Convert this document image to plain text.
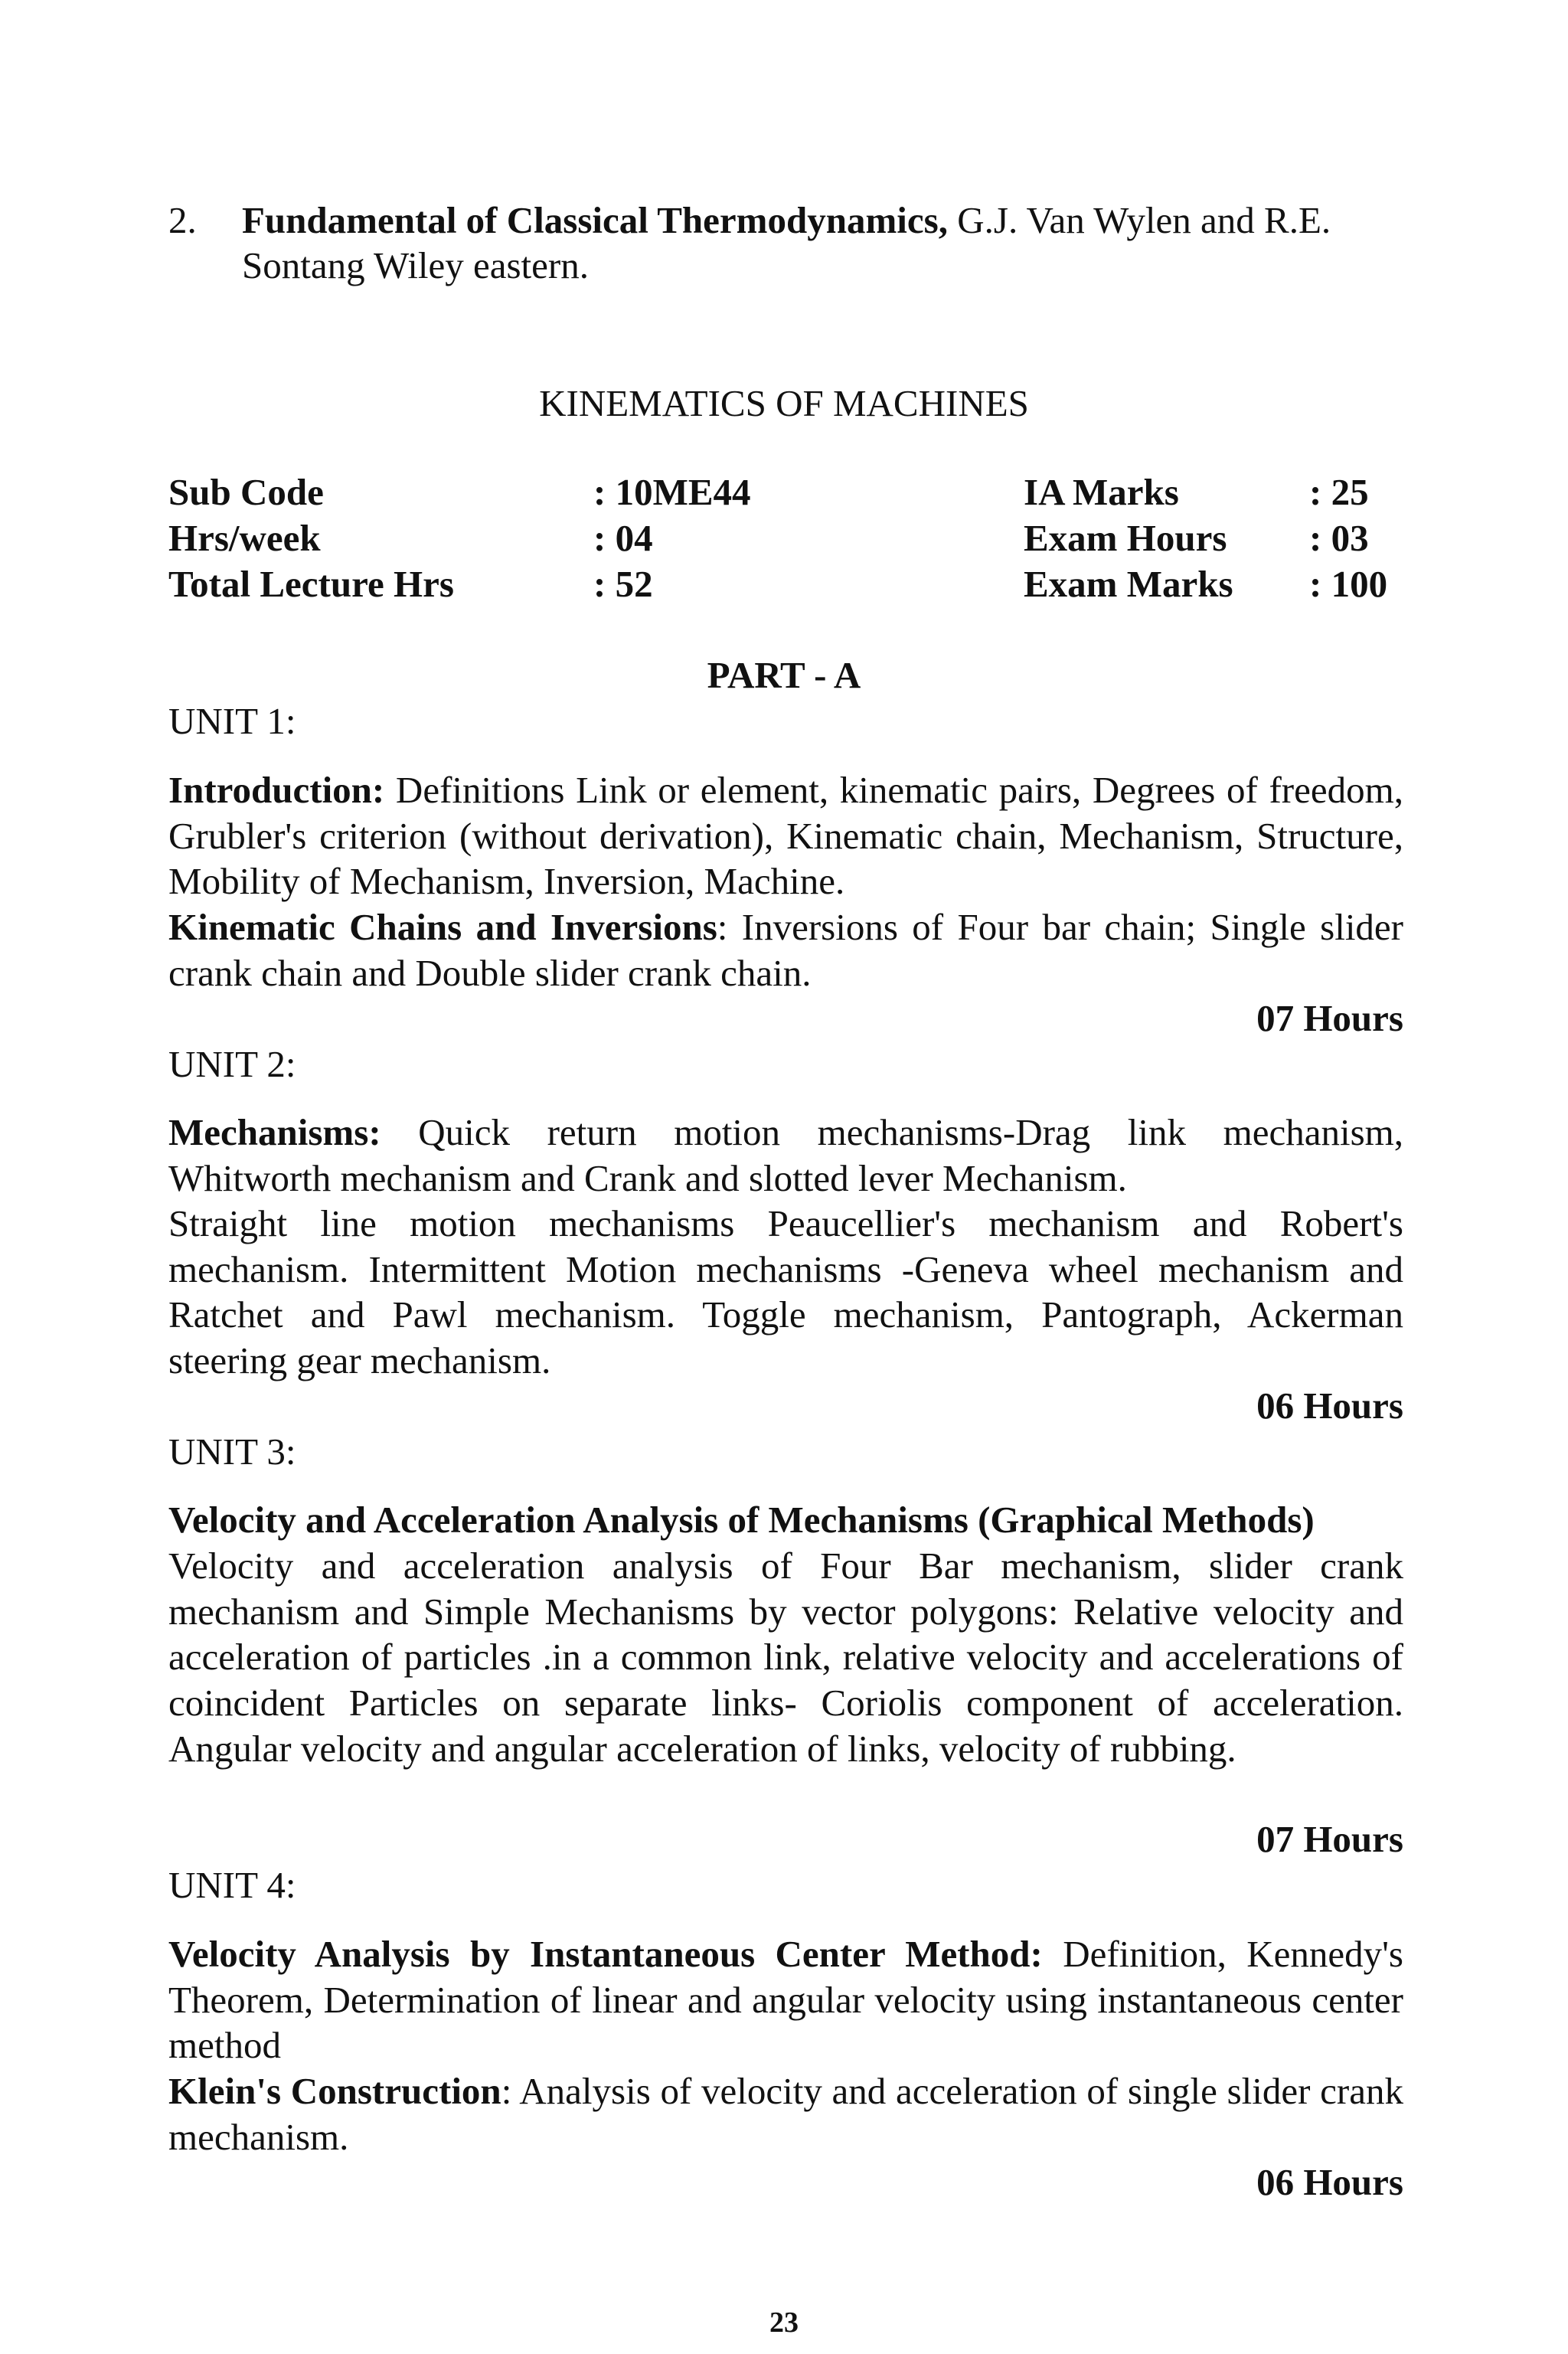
2. Fundamental of Classical Thermodynamics, G.J. Van Wylen and R.E. Sontang Wiley eastern.

KINEMATICS OF MACHINES

Sub Code	: 10ME44	IA Marks	: 25
Hrs/week	: 04	Exam Hours	: 03
Total Lecture Hrs	: 52	Exam Marks	: 100

PART - A

UNIT 1:

Introduction: Definitions Link or element, kinematic pairs, Degrees of freedom, Grubler's criterion (without derivation), Kinematic chain, Mechanism, Structure, Mobility of Mechanism, Inversion, Machine.

Kinematic Chains and Inversions: Inversions of Four bar chain; Single slider crank chain and Double slider crank chain.

07 Hours

UNIT 2:

Mechanisms: Quick return motion mechanisms-Drag link mechanism, Whitworth mechanism and Crank and slotted lever Mechanism.

Straight line motion mechanisms Peaucellier's mechanism and Robert's mechanism. Intermittent Motion mechanisms -Geneva wheel mechanism and Ratchet and Pawl mechanism. Toggle mechanism, Pantograph, Ackerman steering gear mechanism.

06 Hours

UNIT 3:

Velocity and Acceleration Analysis of Mechanisms (Graphical Methods)

Velocity and acceleration analysis of Four Bar mechanism, slider crank mechanism and Simple Mechanisms by vector polygons: Relative velocity and acceleration of particles .in a common link, relative velocity and accelerations of coincident Particles on separate links- Coriolis component of acceleration. Angular velocity and angular acceleration of links, velocity of rubbing.

07 Hours

UNIT 4:

Velocity Analysis by Instantaneous Center Method: Definition, Kennedy's Theorem, Determination of linear and angular velocity using instantaneous center method

Klein's Construction: Analysis of velocity and acceleration of single slider crank mechanism.

06 Hours

23
